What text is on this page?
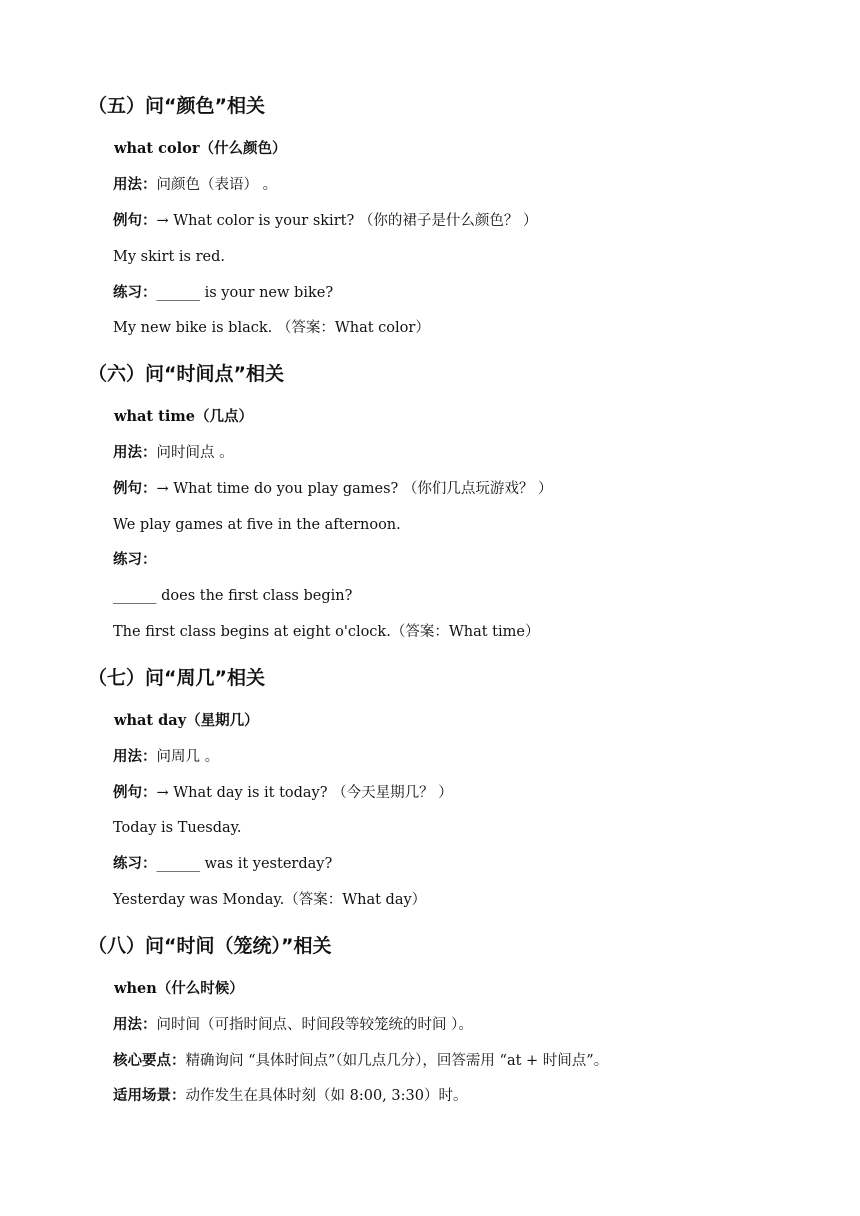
（五）问“颜色”相关
what color（什么颜色）
用法：问颜色（表语） 。
例句：→ What color is your skirt? （你的裙子是什么颜色？ ）
My skirt is red.
练习：______ is your new bike?
My new bike is black. （答案：What color）
（六）问“时间点”相关
what time（几点）
用法：问时间点 。
例句：→ What time do you play games? （你们几点玩游戏？ ）
We play games at five in the afternoon.
练习：
______ does the first class begin?
The first class begins at eight o'clock.（答案：What time）
（七）问“周几”相关
what day（星期几）
用法：问周几 。
例句：→ What day is it today? （今天星期几？ ）
Today is Tuesday.
练习：______ was it yesterday?
Yesterday was Monday.（答案：What day）
（八）问“时间（笼统）”相关
when（什么时候）
用法：问时间（可指时间点、时间段等较笼统的时间 ）。
核心要点：精确询问 “具体时间点”（如几点几分），回答需用 “at + 时间点”。
适用场景：动作发生在具体时刻（如 8:00, 3:30）时。
